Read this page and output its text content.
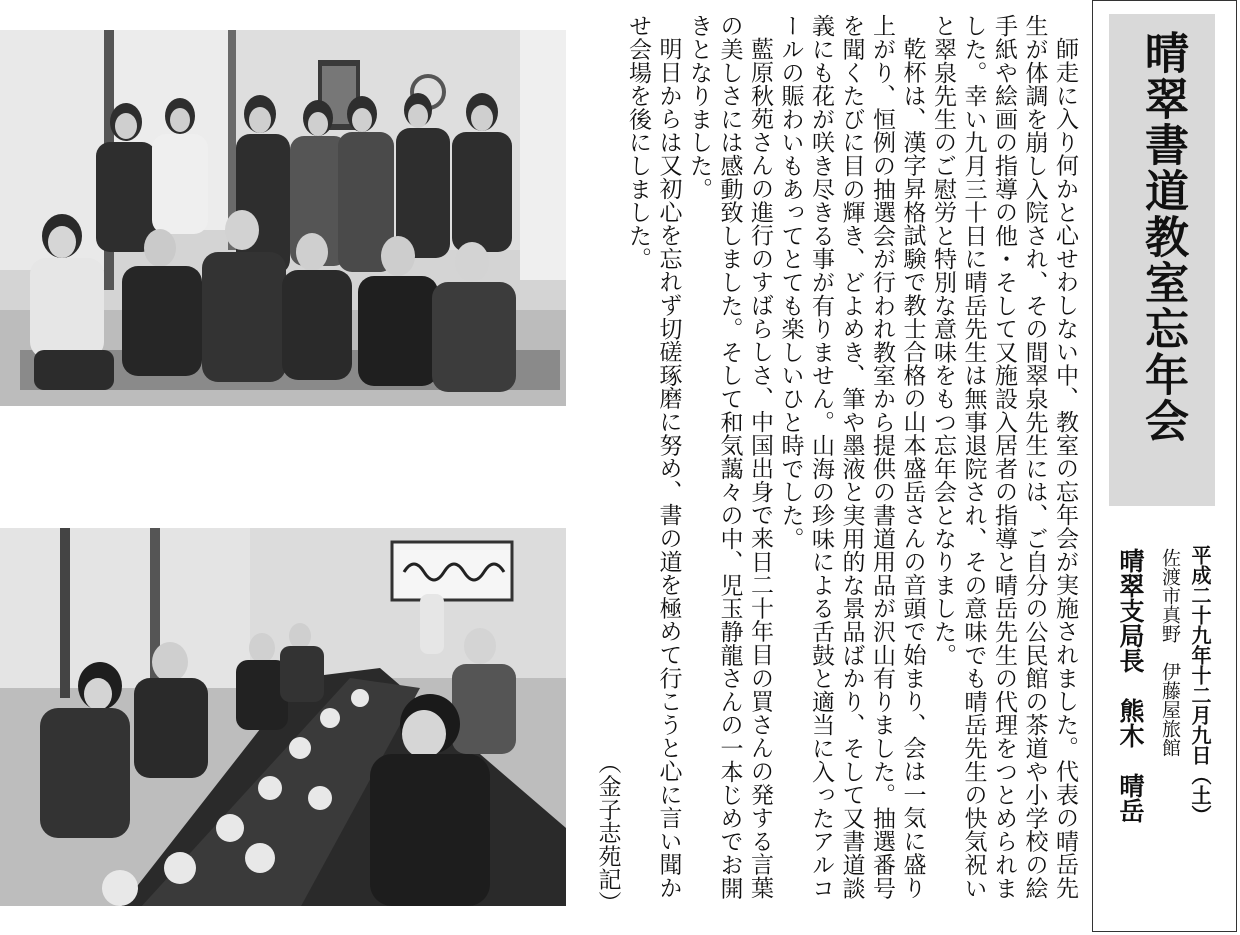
師走に入り何かと心せわしない中、教室の忘年会が実施されました。代表の晴岳先生が体調を崩し入院され、その間翠泉先生には、ご自分の公民館の茶道や小学校の絵手紙や絵画の指導の他・そして又施設入居者の指導と晴岳先生の代理をつとめられました。幸い九月三十日に晴岳先生は無事退院され、その意味でも晴岳先生の快気祝いと翠泉先生のご慰労と特別な意味をもつ忘年会となりました。

乾杯は、漢字昇格試験で教士合格の山本盛岳さんの音頭で始まり、会は一気に盛り上がり、恒例の抽選会が行われ教室から提供の書道用品が沢山有りました。抽選番号を聞くたびに目の輝き、どよめき、筆や墨液と実用的な景品ばかり、そして又書道談義にも花が咲き尽きる事が有りません。山海の珍味による舌鼓と適当に入ったアルコールの賑わいもあってとても楽しいひと時でした。

藍原秋苑さんの進行のすばらしさ、中国出身で来日二十年目の買さんの発する言葉の美しさには感動致しました。そして和気藹々の中、児玉静龍さんの一本じめでお開きとなりました。

明日からは又初心を忘れず切磋琢磨に努め、書の道を極めて行こうと心に言い聞かせ会場を後にしました。

（金子志苑記）

晴翠書道教室忘年会
平成二十九年十二月九日（土）
佐渡市真野　伊藤屋旅館
晴翠支局長　熊木　晴岳
